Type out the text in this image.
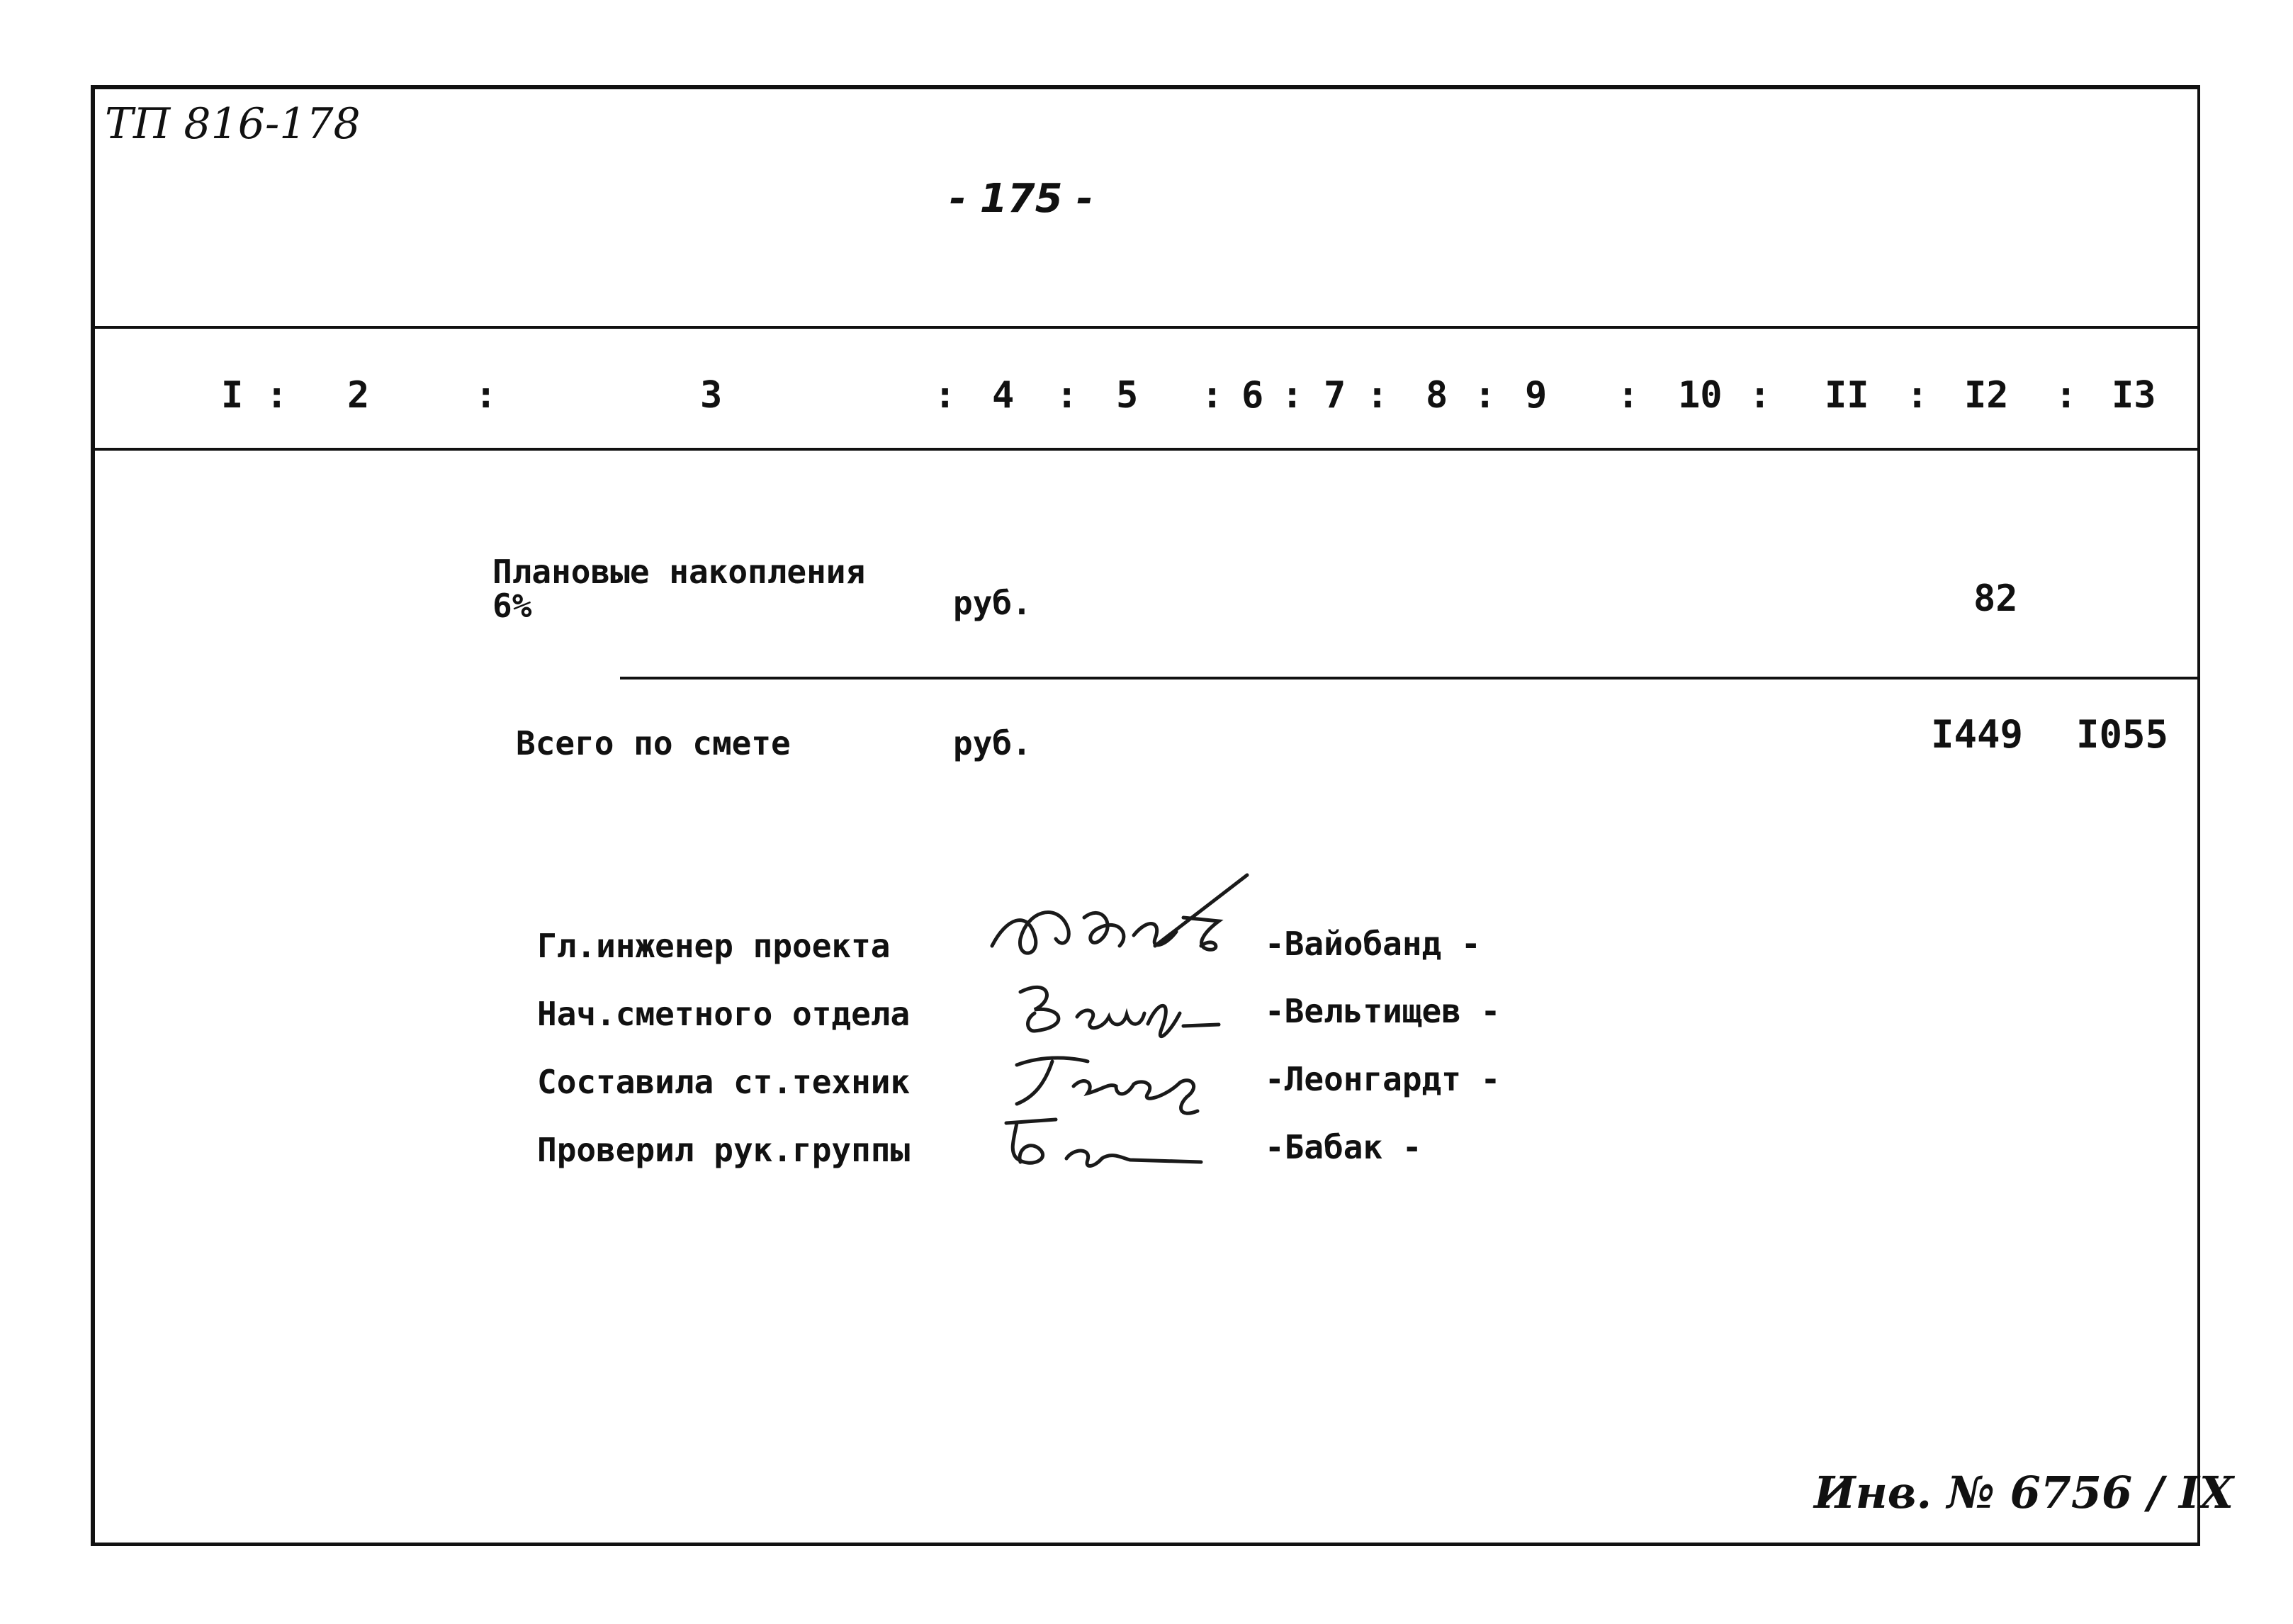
ТП 816-178
- 175 -
I : 2	:	3	: 4 : 5 : 6 : 7 : 8 : 9 : 10 : II : I2 : I3
Плановые накопления
6%	руб.	82
Всего по смете	руб.	I449 I055
Гл.инженер проекта	-Вайобанд -
Нач.сметного отдела	-Вельтищев -
Составила ст.техник	-Леонгардт -
Проверил рук.группы	-Бабак -
Инв. № 6756 / IX
